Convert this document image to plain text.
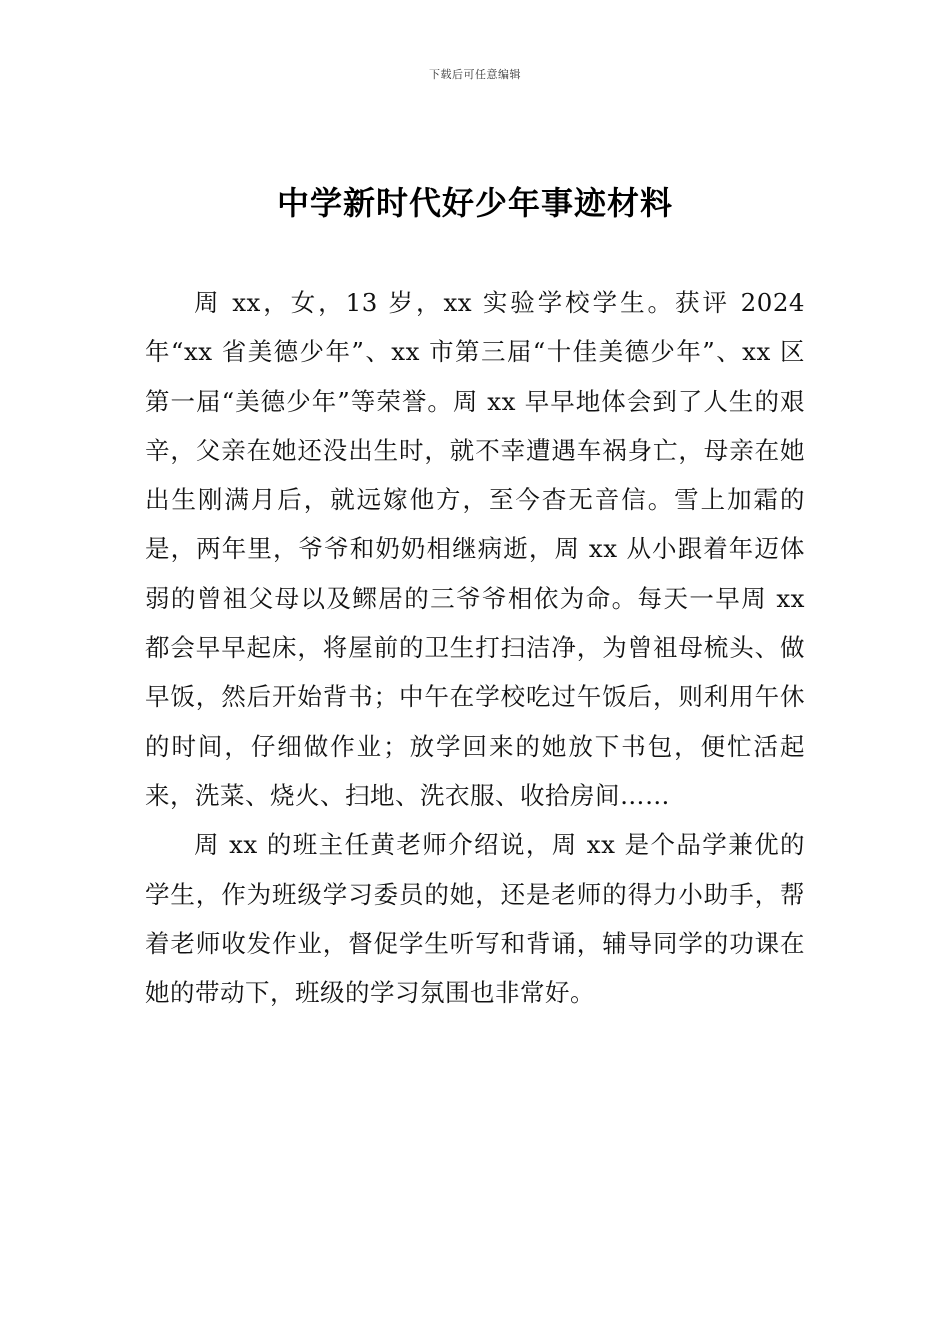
下载后可任意编辑
中学新时代好少年事迹材料

周 xx，女，13 岁，xx 实验学校学生。获评 2024 年“xx 省美德少年”、xx 市第三届“十佳美德少年”、xx 区第一届“美德少年”等荣誉。周 xx 早早地体会到了人生的艰辛，父亲在她还没出生时，就不幸遭遇车祸身亡，母亲在她出生刚满月后，就远嫁他方，至今杳无音信。雪上加霜的是，两年里，爷爷和奶奶相继病逝，周 xx 从小跟着年迈体弱的曾祖父母以及鳏居的三爷爷相依为命。每天一早周 xx 都会早早起床，将屋前的卫生打扫洁净，为曾祖母梳头、做早饭，然后开始背书；中午在学校吃过午饭后，则利用午休的时间，仔细做作业；放学回来的她放下书包，便忙活起来，洗菜、烧火、扫地、洗衣服、收拾房间……

周 xx 的班主任黄老师介绍说，周 xx 是个品学兼优的学生，作为班级学习委员的她，还是老师的得力小助手，帮着老师收发作业，督促学生听写和背诵，辅导同学的功课在她的带动下，班级的学习氛围也非常好。
